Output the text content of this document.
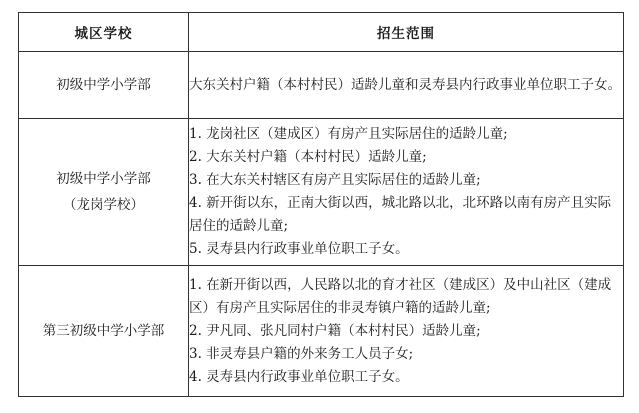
城区学校	招生范围

初级中学小学部	大东关村户籍（本村村民）适龄儿童和灵寿县内行政事业单位职工子女。

初级中学小学部
（龙岗学校）	1. 龙岗社区（建成区）有房产且实际居住的适龄儿童;
2. 大东关村户籍（本村村民）适龄儿童;
3. 在大东关村辖区有房产且实际居住的适龄儿童;
4. 新开街以东，正南大街以西，城北路以北，北环路以南有房产且实际居住的适龄儿童;
5. 灵寿县内行政事业单位职工子女。

第三初级中学小学部	1. 在新开街以西，人民路以北的育才社区（建成区）及中山社区（建成区）有房产且实际居住的非灵寿镇户籍的适龄儿童;
2. 尹凡同、张凡同村户籍（本村村民）适龄儿童;
3. 非灵寿县户籍的外来务工人员子女;
4. 灵寿县内行政事业单位职工子女。
